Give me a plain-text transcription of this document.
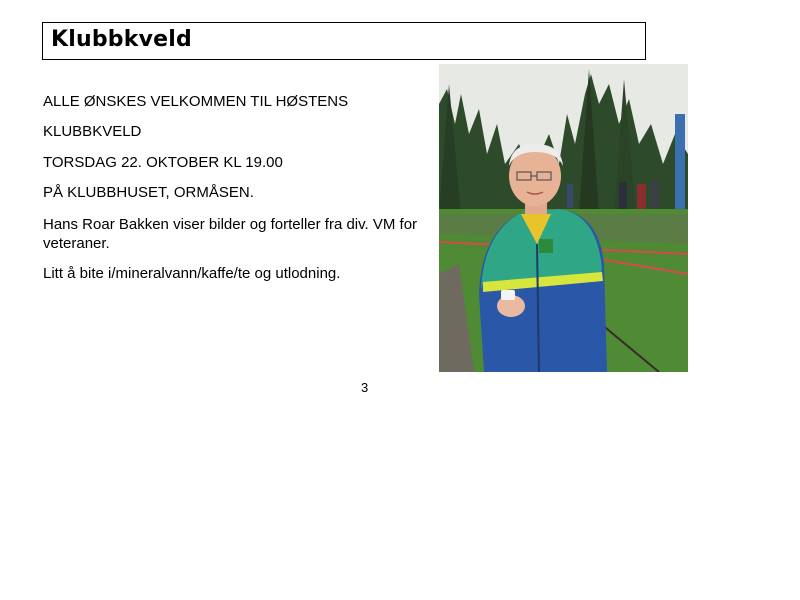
Klubbkveld

ALLE ØNSKES VELKOMMEN TIL HØSTENS

KLUBBKVELD

TORSDAG 22. OKTOBER KL 19.00

PÅ KLUBBHUSET, ORMÅSEN.

Hans Roar Bakken viser bilder og forteller fra div. VM for veteraner.

Litt å bite i/mineralvann/kaffe/te og utlodning.

3
